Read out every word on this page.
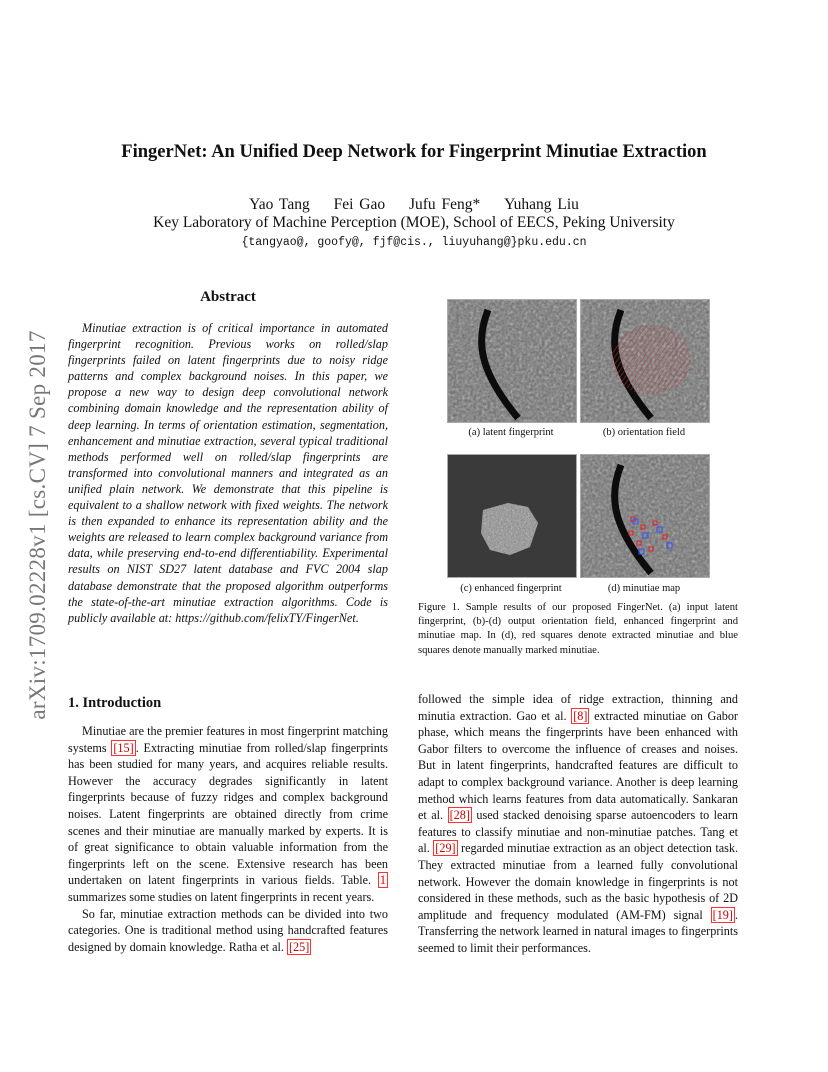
arXiv:1709.02228v1 [cs.CV] 7 Sep 2017
FingerNet: An Unified Deep Network for Fingerprint Minutiae Extraction
Yao Tang Fei Gao Jufu Feng* Yuhang Liu
Key Laboratory of Machine Perception (MOE), School of EECS, Peking University
{tangyao@, goofy@, fjf@cis., liuyuhang@}pku.edu.cn
Abstract

Minutiae extraction is of critical importance in automated fingerprint recognition. Previous works on rolled/slap fingerprints failed on latent fingerprints due to noisy ridge patterns and complex background noises. In this paper, we propose a new way to design deep convolutional network combining domain knowledge and the representation ability of deep learning. In terms of orientation estimation, segmentation, enhancement and minutiae extraction, several typical traditional methods performed well on rolled/slap fingerprints are transformed into convolutional manners and integrated as an unified plain network. We demonstrate that this pipeline is equivalent to a shallow network with fixed weights. The network is then expanded to enhance its representation ability and the weights are released to learn complex background variance from data, while preserving end-to-end differentiability. Experimental results on NIST SD27 latent database and FVC 2004 slap database demonstrate that the proposed algorithm outperforms the state-of-the-art minutiae extraction algorithms. Code is publicly available at: https://github.com/felixTY/FingerNet.

(a) latent fingerprint	(b) orientation field
(c) enhanced fingerprint	(d) minutiae map

Figure 1. Sample results of our proposed FingerNet. (a) input latent fingerprint, (b)-(d) output orientation field, enhanced fingerprint and minutiae map. In (d), red squares denote extracted minutiae and blue squares denote manually marked minutiae.

1. Introduction

Minutiae are the premier features in most fingerprint matching systems [15] . Extracting minutiae from rolled/slap fingerprints has been studied for many years, and acquires reliable results. However the accuracy degrades significantly in latent fingerprints because of fuzzy ridges and complex background noises. Latent fingerprints are obtained directly from crime scenes and their minutiae are manually marked by experts. It is of great significance to obtain valuable information from the fingerprints left on the scene. Extensive research has been undertaken on latent fingerprints in various fields. Table. 1 summarizes some studies on latent fingerprints in recent years.

So far, minutiae extraction methods can be divided into two categories. One is traditional method using handcrafted features designed by domain knowledge. Ratha et al. [25]

followed the simple idea of ridge extraction, thinning and minutia extraction. Gao et al. [8] extracted minutiae on Gabor phase, which means the fingerprints have been enhanced with Gabor filters to overcome the influence of creases and noises. But in latent fingerprints, handcrafted features are difficult to adapt to complex background variance. Another is deep learning method which learns features from data automatically. Sankaran et al. [28] used stacked denoising sparse autoencoders to learn features to classify minutiae and non-minutiae patches. Tang et al. [29] regarded minutiae extraction as an object detection task. They extracted minutiae from a learned fully convolutional network. However the domain knowledge in fingerprints is not considered in these methods, such as the basic hypothesis of 2D amplitude and frequency modulated (AM-FM) signal [19] . Transferring the network learned in natural images to fingerprints seemed to limit their performances.
